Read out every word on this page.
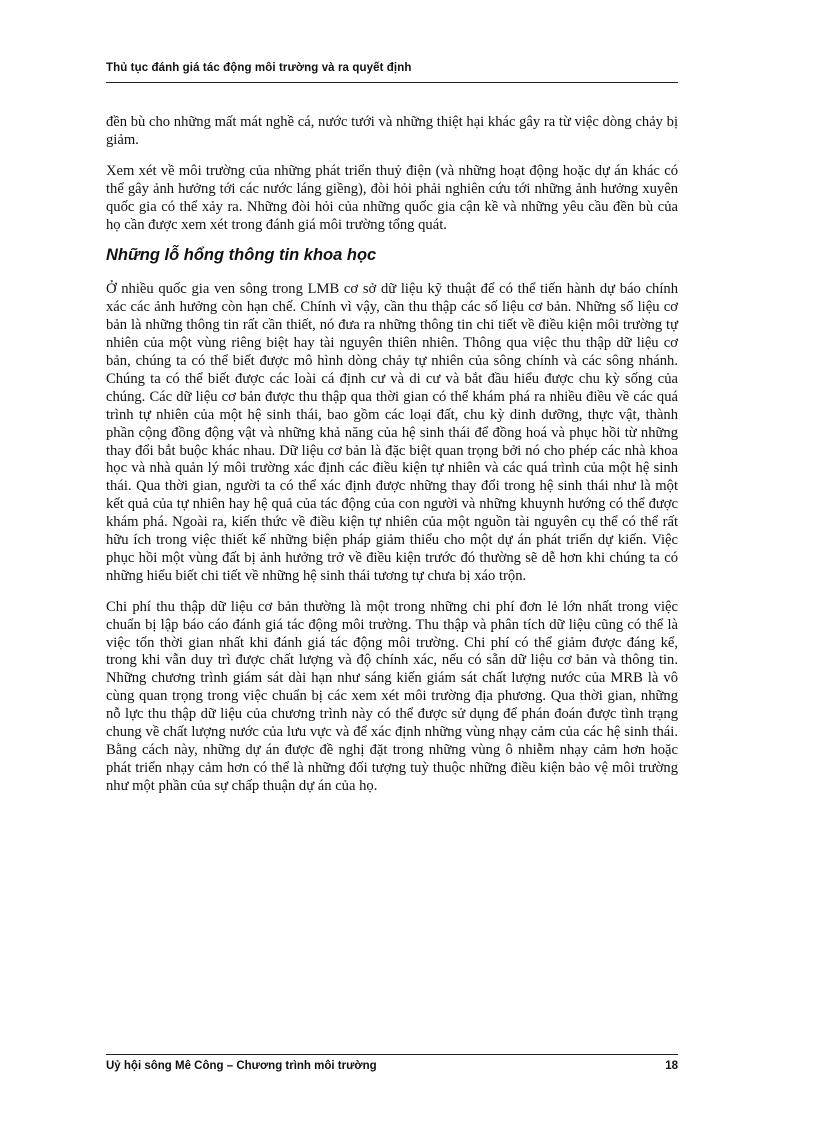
Thủ tục đánh giá tác động môi trường và ra quyết định

đền bù cho những mất mát nghề cá, nước tưới và những thiệt hại khác gây ra từ việc dòng chảy bị giảm.

Xem xét về môi trường của những phát triển thuỷ điện (và những hoạt động hoặc dự án khác có thể gây ảnh hưởng tới các nước láng giềng), đòi hỏi phải nghiên cứu tới những ảnh hưởng xuyên quốc gia có thể xảy ra. Những đòi hỏi của những quốc gia cận kề và những yêu cầu đền bù của họ cần được xem xét trong đánh giá môi trường tổng quát.

Những lỗ hổng thông tin khoa học

Ở nhiều quốc gia ven sông trong LMB cơ sở dữ liệu kỹ thuật để có thể tiến hành dự báo chính xác các ảnh hưởng còn hạn chế. Chính vì vậy, cần thu thập các số liệu cơ bản. Những số liệu cơ bản là những thông tin rất cần thiết, nó đưa ra những thông tin chi tiết về điều kiện môi trường tự nhiên của một vùng riêng biệt hay tài nguyên thiên nhiên. Thông qua việc thu thập dữ liệu cơ bản, chúng ta có thể biết được mô hình dòng chảy tự nhiên của sông chính và các sông nhánh. Chúng ta có thể biết được các loài cá định cư và di cư và bắt đầu hiểu được chu kỳ sống của chúng. Các dữ liệu cơ bản được thu thập qua thời gian có thể khám phá ra nhiều điều về các quá trình tự nhiên của một hệ sinh thái, bao gồm các loại đất, chu kỳ dinh dưỡng, thực vật, thành phần cộng đồng động vật và những khả năng của hệ sinh thái để đồng hoá và phục hồi từ những thay đổi bắt buộc khác nhau. Dữ liệu cơ bản là đặc biệt quan trọng bởi nó cho phép các nhà khoa học và nhà quản lý môi trường xác định các điều kiện tự nhiên và các quá trình của một hệ sinh thái. Qua thời gian, người ta có thể xác định được những thay đổi trong hệ sinh thái như là một kết quả của tự nhiên hay hệ quả của tác động của con người và những khuynh hướng có thể được khám phá. Ngoài ra, kiến thức về điều kiện tự nhiên của một nguồn tài nguyên cụ thể có thể rất hữu ích trong việc thiết kế những biện pháp giảm thiểu cho một dự án phát triển dự kiến. Việc phục hồi một vùng đất bị ảnh hưởng trở về điều kiện trước đó thường sẽ dễ hơn khi chúng ta có những hiểu biết chi tiết về những hệ sinh thái tương tự chưa bị xáo trộn.

Chi phí thu thập dữ liệu cơ bản thường là một trong những chi phí đơn lẻ lớn nhất trong việc chuẩn bị lập báo cáo đánh giá tác động môi trường. Thu thập và phân tích dữ liệu cũng có thể là việc tốn thời gian nhất khi đánh giá tác động môi trường. Chi phí có thể giảm được đáng kể, trong khi vẫn duy trì được chất lượng và độ chính xác, nếu có sẵn dữ liệu cơ bản và thông tin. Những chương trình giám sát dài hạn như sáng kiến giám sát chất lượng nước của MRB là vô cùng quan trọng trong việc chuẩn bị các xem xét môi trường địa phương. Qua thời gian, những nỗ lực thu thập dữ liệu của chương trình này có thể được sử dụng để phán đoán được tình trạng chung về chất lượng nước của lưu vực và để xác định những vùng nhạy cảm của các hệ sinh thái. Bằng cách này, những dự án được đề nghị đặt trong những vùng ô nhiễm nhạy cảm hơn hoặc phát triển nhạy cảm hơn có thể là những đối tượng tuỳ thuộc những điều kiện bảo vệ môi trường như một phần của sự chấp thuận dự án của họ.

Uỷ hội sông Mê Công – Chương trình môi trường	18
